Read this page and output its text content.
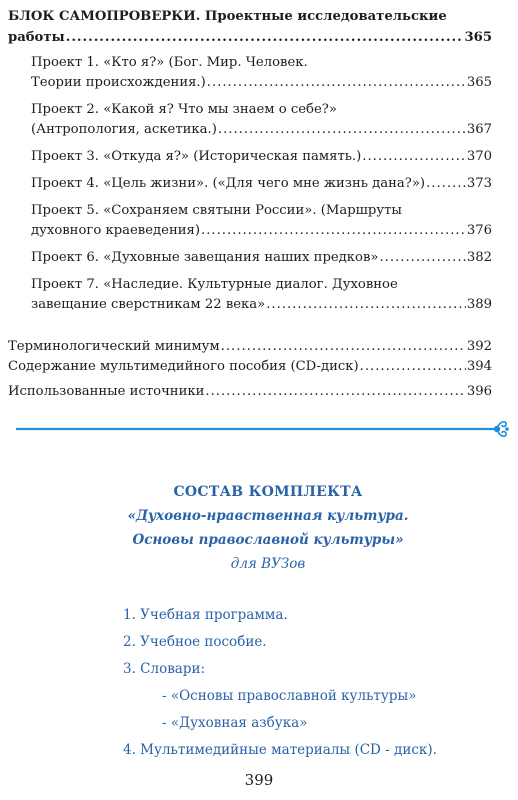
БЛОК САМОПРОВЕРКИ. Проектные исследовательские
работы .....	365
Проект 1. «Кто я?» (Бог. Мир. Человек.
Теории происхождения.) .....	365
Проект 2. «Какой я? Что мы знаем о себе?»
(Антропология, аскетика.) .....	367
Проект 3. «Откуда я?» (Историческая память.) .....	370
Проект 4. «Цель жизни». («Для чего мне жизнь дана?») .....	373
Проект 5. «Сохраняем святыни России». (Маршруты
духовного краеведения) .....	376
Проект 6. «Духовные завещания наших предков» .....	382
Проект 7. «Наследие. Культурные диалог. Духовное
завещание сверстникам 22 века» .....	389
Терминологический минимум .....	392
Содержание мультимедийного пособия (CD-диск) .....	394
Использованные источники .....	396
СОСТАВ КОМПЛЕКТА
«Духовно-нравственная культура.
Основы православной культуры»
для ВУЗов
1. Учебная программа.
2. Учебное пособие.
3. Словари:
- «Основы православной культуры»
- «Духовная азбука»
4. Мультимедийные материалы (CD - диск).
399
